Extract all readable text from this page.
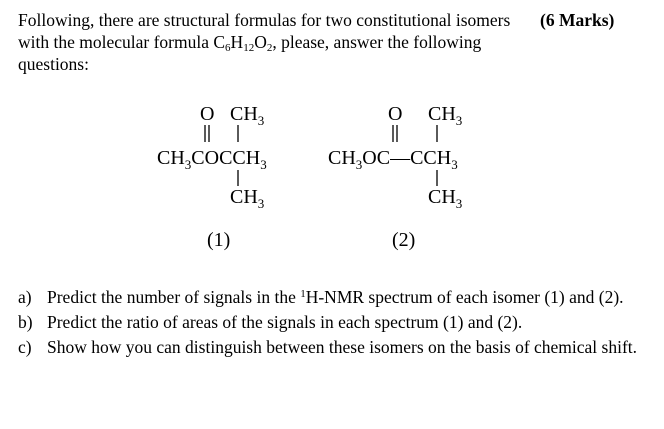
Following, there are structural formulas for two constitutional isomers with the molecular formula $C_6H_{12}O_2$, please, answer the following questions:
(6 Marks)
O $CH_3$
$CH_3COCCH_3$
$CH_3$
(1)
O $CH_3$
$CH_3OC—CCH_3$
$CH_3$
(2)
a) Predict the number of signals in the $^1$H-NMR spectrum of each isomer (1) and (2).
b) Predict the ratio of areas of the signals in each spectrum (1) and (2).
c) Show how you can distinguish between these isomers on the basis of chemical shift.
